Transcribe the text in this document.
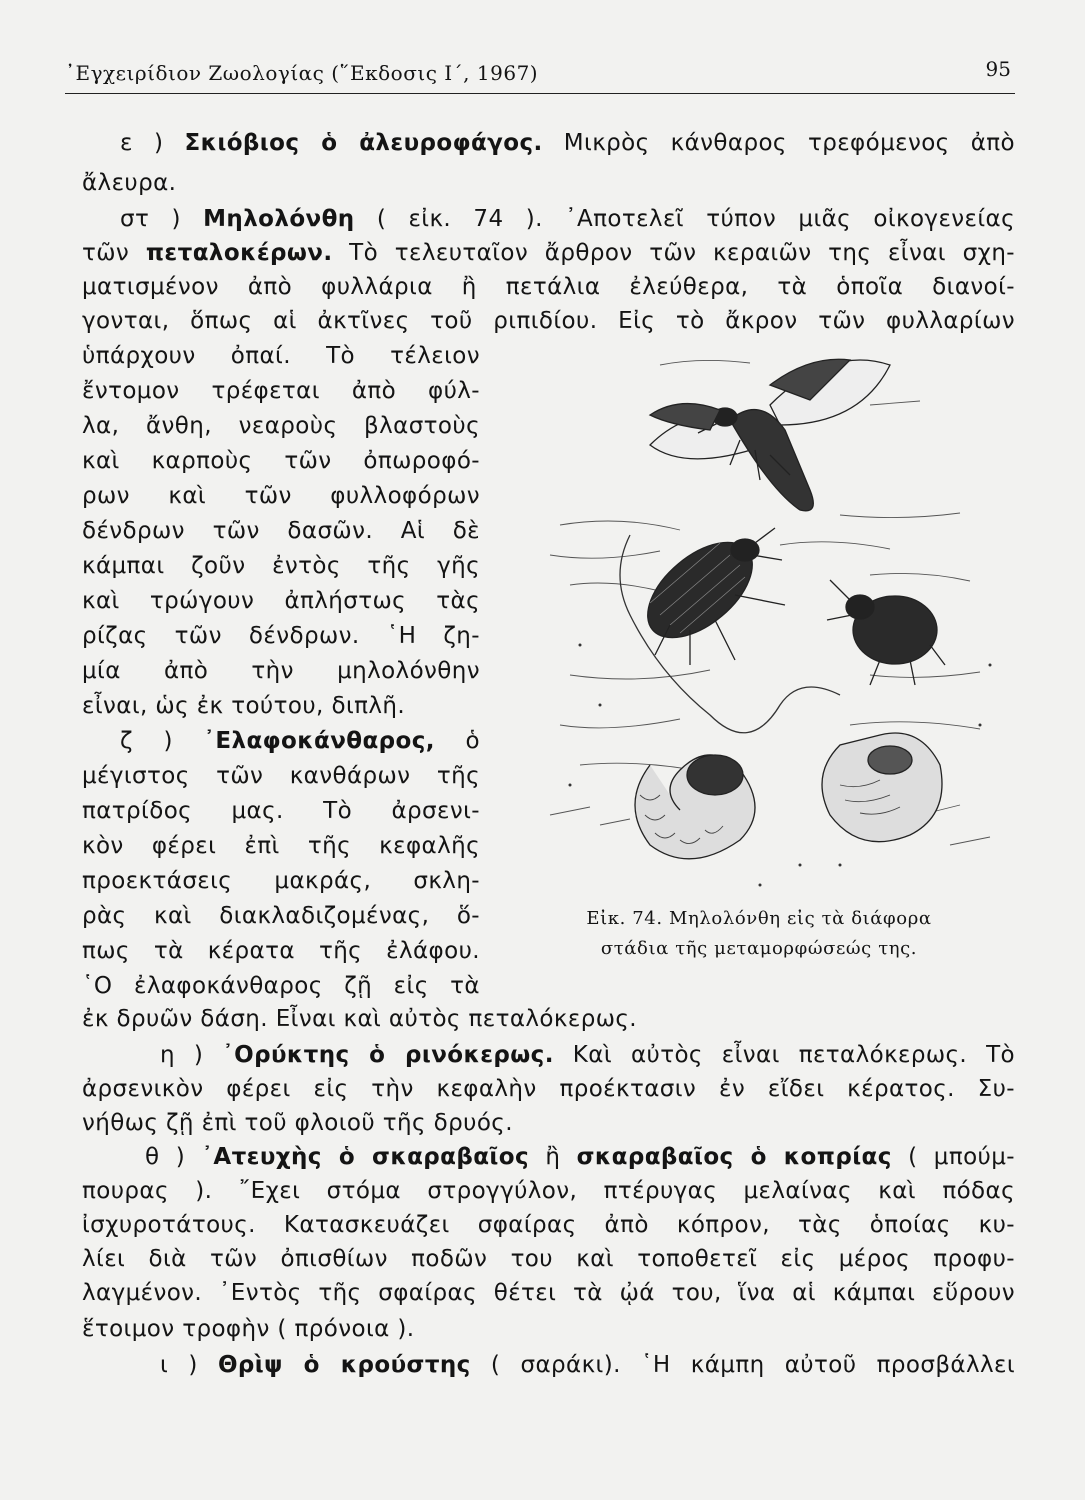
᾿Εγχειρίδιον Ζωολογίας (῞Εκδοσις Ι΄, 1967)	95
ε ) Σκιόβιος ὁ ἀλευροφάγος. Μικρὸς κάνθαρος τρεφόμενος ἀπὸ
ἄλευρα.
στ ) Μηλολόνθη ( εἰκ. 74 ). ᾿Αποτελεῖ τύπον μιᾶς οἰκογενείας
τῶν πεταλοκέρων. Τὸ τελευταῖον ἄρθρον τῶν κεραιῶν της εἶναι σχη-
ματισμένον ἀπὸ φυλλάρια ἢ πετάλια ἐλεύθερα, τὰ ὁποῖα διανοί-
γονται, ὅπως αἱ ἀκτῖνες τοῦ ριπιδίου. Εἰς τὸ ἄκρον τῶν φυλλαρίων
ὑπάρχουν ὀπαί. Τὸ τέλειον
ἔντομον τρέφεται ἀπὸ φύλ-
λα, ἄνθη, νεαροὺς βλαστοὺς
καὶ καρποὺς τῶν ὀπωροφό-
ρων καὶ τῶν φυλλοφόρων
δένδρων τῶν δασῶν. Αἱ δὲ
κάμπαι ζοῦν ἐντὸς τῆς γῆς
καὶ τρώγουν ἀπλήστως τὰς
ρίζας τῶν δένδρων. ῾Η ζη-
μία ἀπὸ τὴν μηλολόνθην
εἶναι, ὡς ἐκ τούτου, διπλῆ.
ζ ) ᾿Ελαφοκάνθαρος, ὁ
μέγιστος τῶν κανθάρων τῆς
πατρίδος μας. Τὸ ἀρσενι-
κὸν φέρει ἐπὶ τῆς κεφαλῆς
προεκτάσεις μακράς, σκλη-
ρὰς καὶ διακλαδιζομένας, ὅ-
πως τὰ κέρατα τῆς ἐλάφου.
῾Ο ἐλαφοκάνθαρος ζῇ εἰς τὰ
ἐκ δρυῶν δάση. Εἶναι καὶ αὐτὸς πεταλόκερως.
η ) ᾿Ορύκτης ὁ ρινόκερως. Καὶ αὐτὸς εἶναι πεταλόκερως. Τὸ
ἀρσενικὸν φέρει εἰς τὴν κεφαλὴν προέκτασιν ἐν εἴδει κέρατος. Συ-
νήθως ζῇ ἐπὶ τοῦ φλοιοῦ τῆς δρυός.
θ ) ᾿Ατευχὴς ὁ σκαραβαῖος ἢ σκαραβαῖος ὁ κοπρίας ( μπούμ-
πουρας ). ῎Εχει στόμα στρογγύλον, πτέρυγας μελαίνας καὶ πόδας
ἰσχυροτάτους. Κατασκευάζει σφαίρας ἀπὸ κόπρον, τὰς ὁποίας κυ-
λίει διὰ τῶν ὀπισθίων ποδῶν του καὶ τοποθετεῖ εἰς μέρος προφυ-
λαγμένον. ᾿Εντὸς τῆς σφαίρας θέτει τὰ ᾠά του, ἵνα αἱ κάμπαι εὕρουν
ἕτοιμον τροφὴν ( πρόνοια ).
ι ) Θρὶψ ὁ κρούστης ( σαράκι). ῾Η κάμπη αὐτοῦ προσβάλλει
Εἰκ. 74. Μηλολόνθη εἰς τὰ διάφορα
στάδια τῆς μεταμορφώσεώς της.
